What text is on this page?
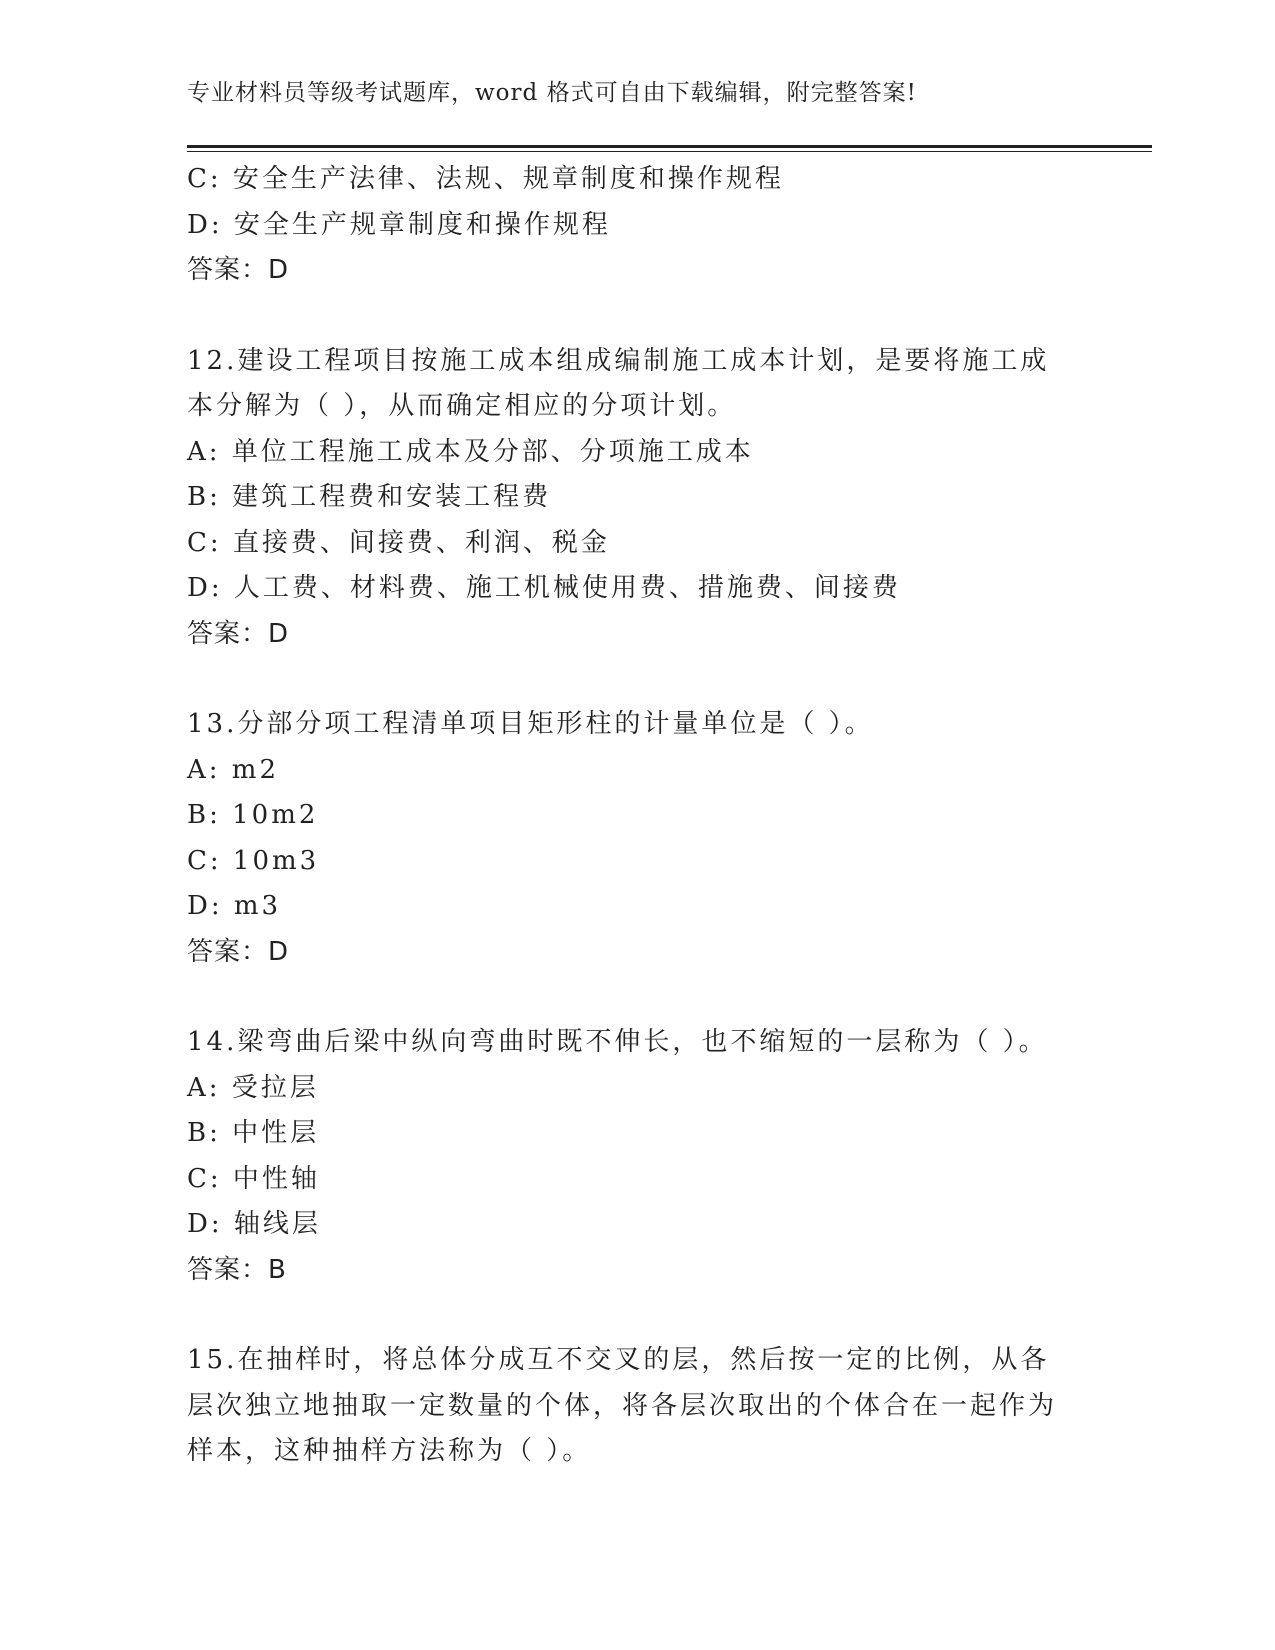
专业材料员等级考试题库，word 格式可自由下载编辑，附完整答案!
C: 安全生产法律、法规、规章制度和操作规程
D: 安全生产规章制度和操作规程
答案：D
12.建设工程项目按施工成本组成编制施工成本计划，是要将施工成本分解为（ ），从而确定相应的分项计划。
A: 单位工程施工成本及分部、分项施工成本
B: 建筑工程费和安装工程费
C: 直接费、间接费、利润、税金
D: 人工费、材料费、施工机械使用费、措施费、间接费
答案：D
13.分部分项工程清单项目矩形柱的计量单位是（ ）。
A: m2
B: 10m2
C: 10m3
D: m3
答案：D
14.梁弯曲后梁中纵向弯曲时既不伸长，也不缩短的一层称为（ ）。
A: 受拉层
B: 中性层
C: 中性轴
D: 轴线层
答案：B
15.在抽样时，将总体分成互不交叉的层，然后按一定的比例，从各层次独立地抽取一定数量的个体，将各层次取出的个体合在一起作为样本，这种抽样方法称为（ ）。
